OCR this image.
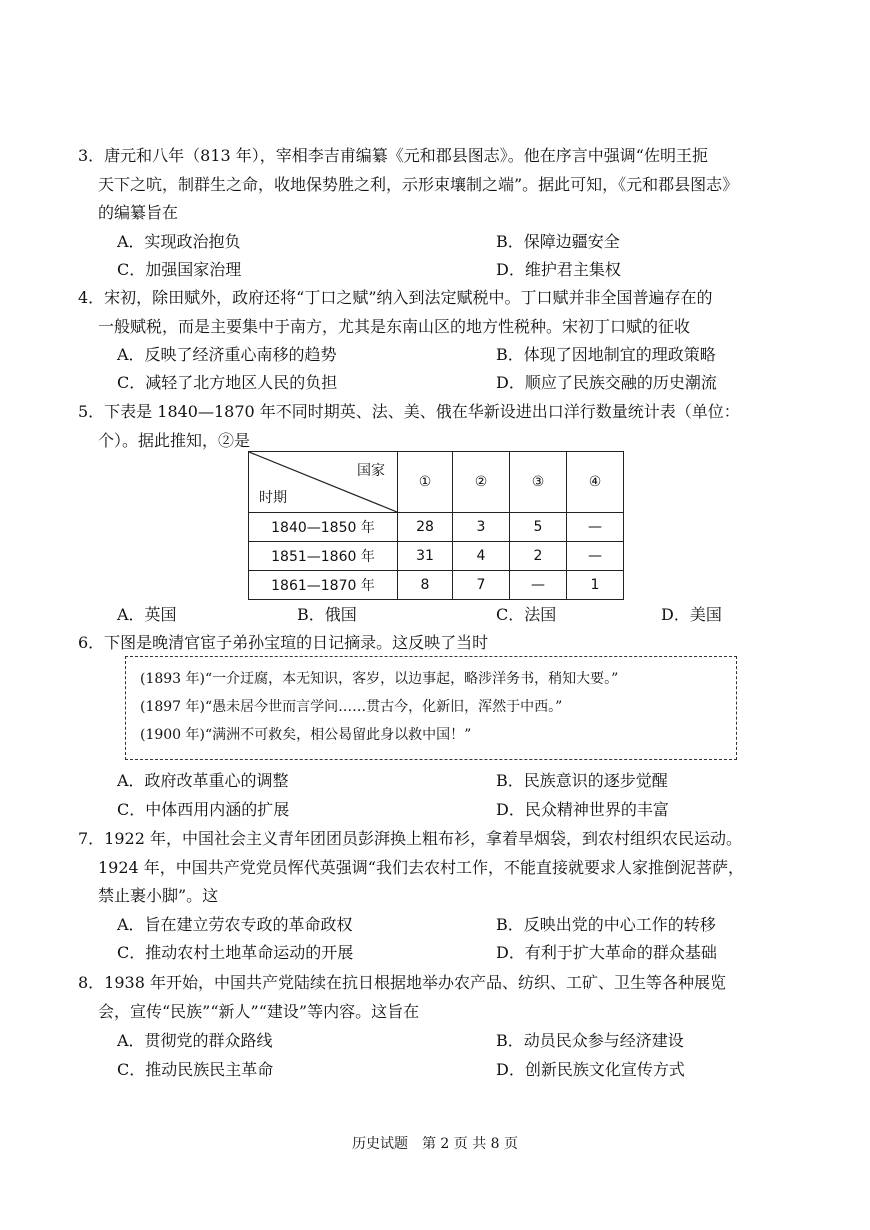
3．唐元和八年（813 年），宰相李吉甫编纂《元和郡县图志》。他在序言中强调“佐明王扼
天下之吭，制群生之命，收地保势胜之利，示形束壤制之端”。据此可知，《元和郡县图志》
的编纂旨在

A．实现政治抱负	B．保障边疆安全
C．加强国家治理	D．维护君主集权

4．宋初，除田赋外，政府还将“丁口之赋”纳入到法定赋税中。丁口赋并非全国普遍存在的
一般赋税，而是主要集中于南方，尤其是东南山区的地方性税种。宋初丁口赋的征收

A．反映了经济重心南移的趋势	B．体现了因地制宜的理政策略
C．减轻了北方地区人民的负担	D．顺应了民族交融的历史潮流

5．下表是 1840—1870 年不同时期英、法、美、俄在华新设进出口洋行数量统计表（单位：
个）。据此推知，②是

国家
时期	①	②	③	④
1840—1850 年	28	3	5	—
1851—1860 年	31	4	2	—
1861—1870 年	8	7	—	1
A．英国	B．俄国	C．法国	D．美国

6．下图是晚清官宦子弟孙宝瑄的日记摘录。这反映了当时

(1893 年)“一介迂腐，本无知识，客岁，以边事起，略涉洋务书，稍知大要。”
(1897 年)“愚未居今世而言学问……贯古今，化新旧，浑然于中西。”
(1900 年)“满洲不可救矣，相公曷留此身以救中国！”
A．政府改革重心的调整	B．民族意识的逐步觉醒
C．中体西用内涵的扩展	D．民众精神世界的丰富

7．1922 年，中国社会主义青年团团员彭湃换上粗布衫，拿着旱烟袋，到农村组织农民运动。
1924 年，中国共产党党员恽代英强调“我们去农村工作，不能直接就要求人家推倒泥菩萨，
禁止裹小脚”。这

A．旨在建立劳农专政的革命政权	B．反映出党的中心工作的转移
C．推动农村土地革命运动的开展	D．有利于扩大革命的群众基础

8．1938 年开始，中国共产党陆续在抗日根据地举办农产品、纺织、工矿、卫生等各种展览
会，宣传“民族”“新人”“建设”等内容。这旨在

A．贯彻党的群众路线	B．动员民众参与经济建设
C．推动民族民主革命	D．创新民族文化宣传方式
历史试题　第 2 页 共 8 页
